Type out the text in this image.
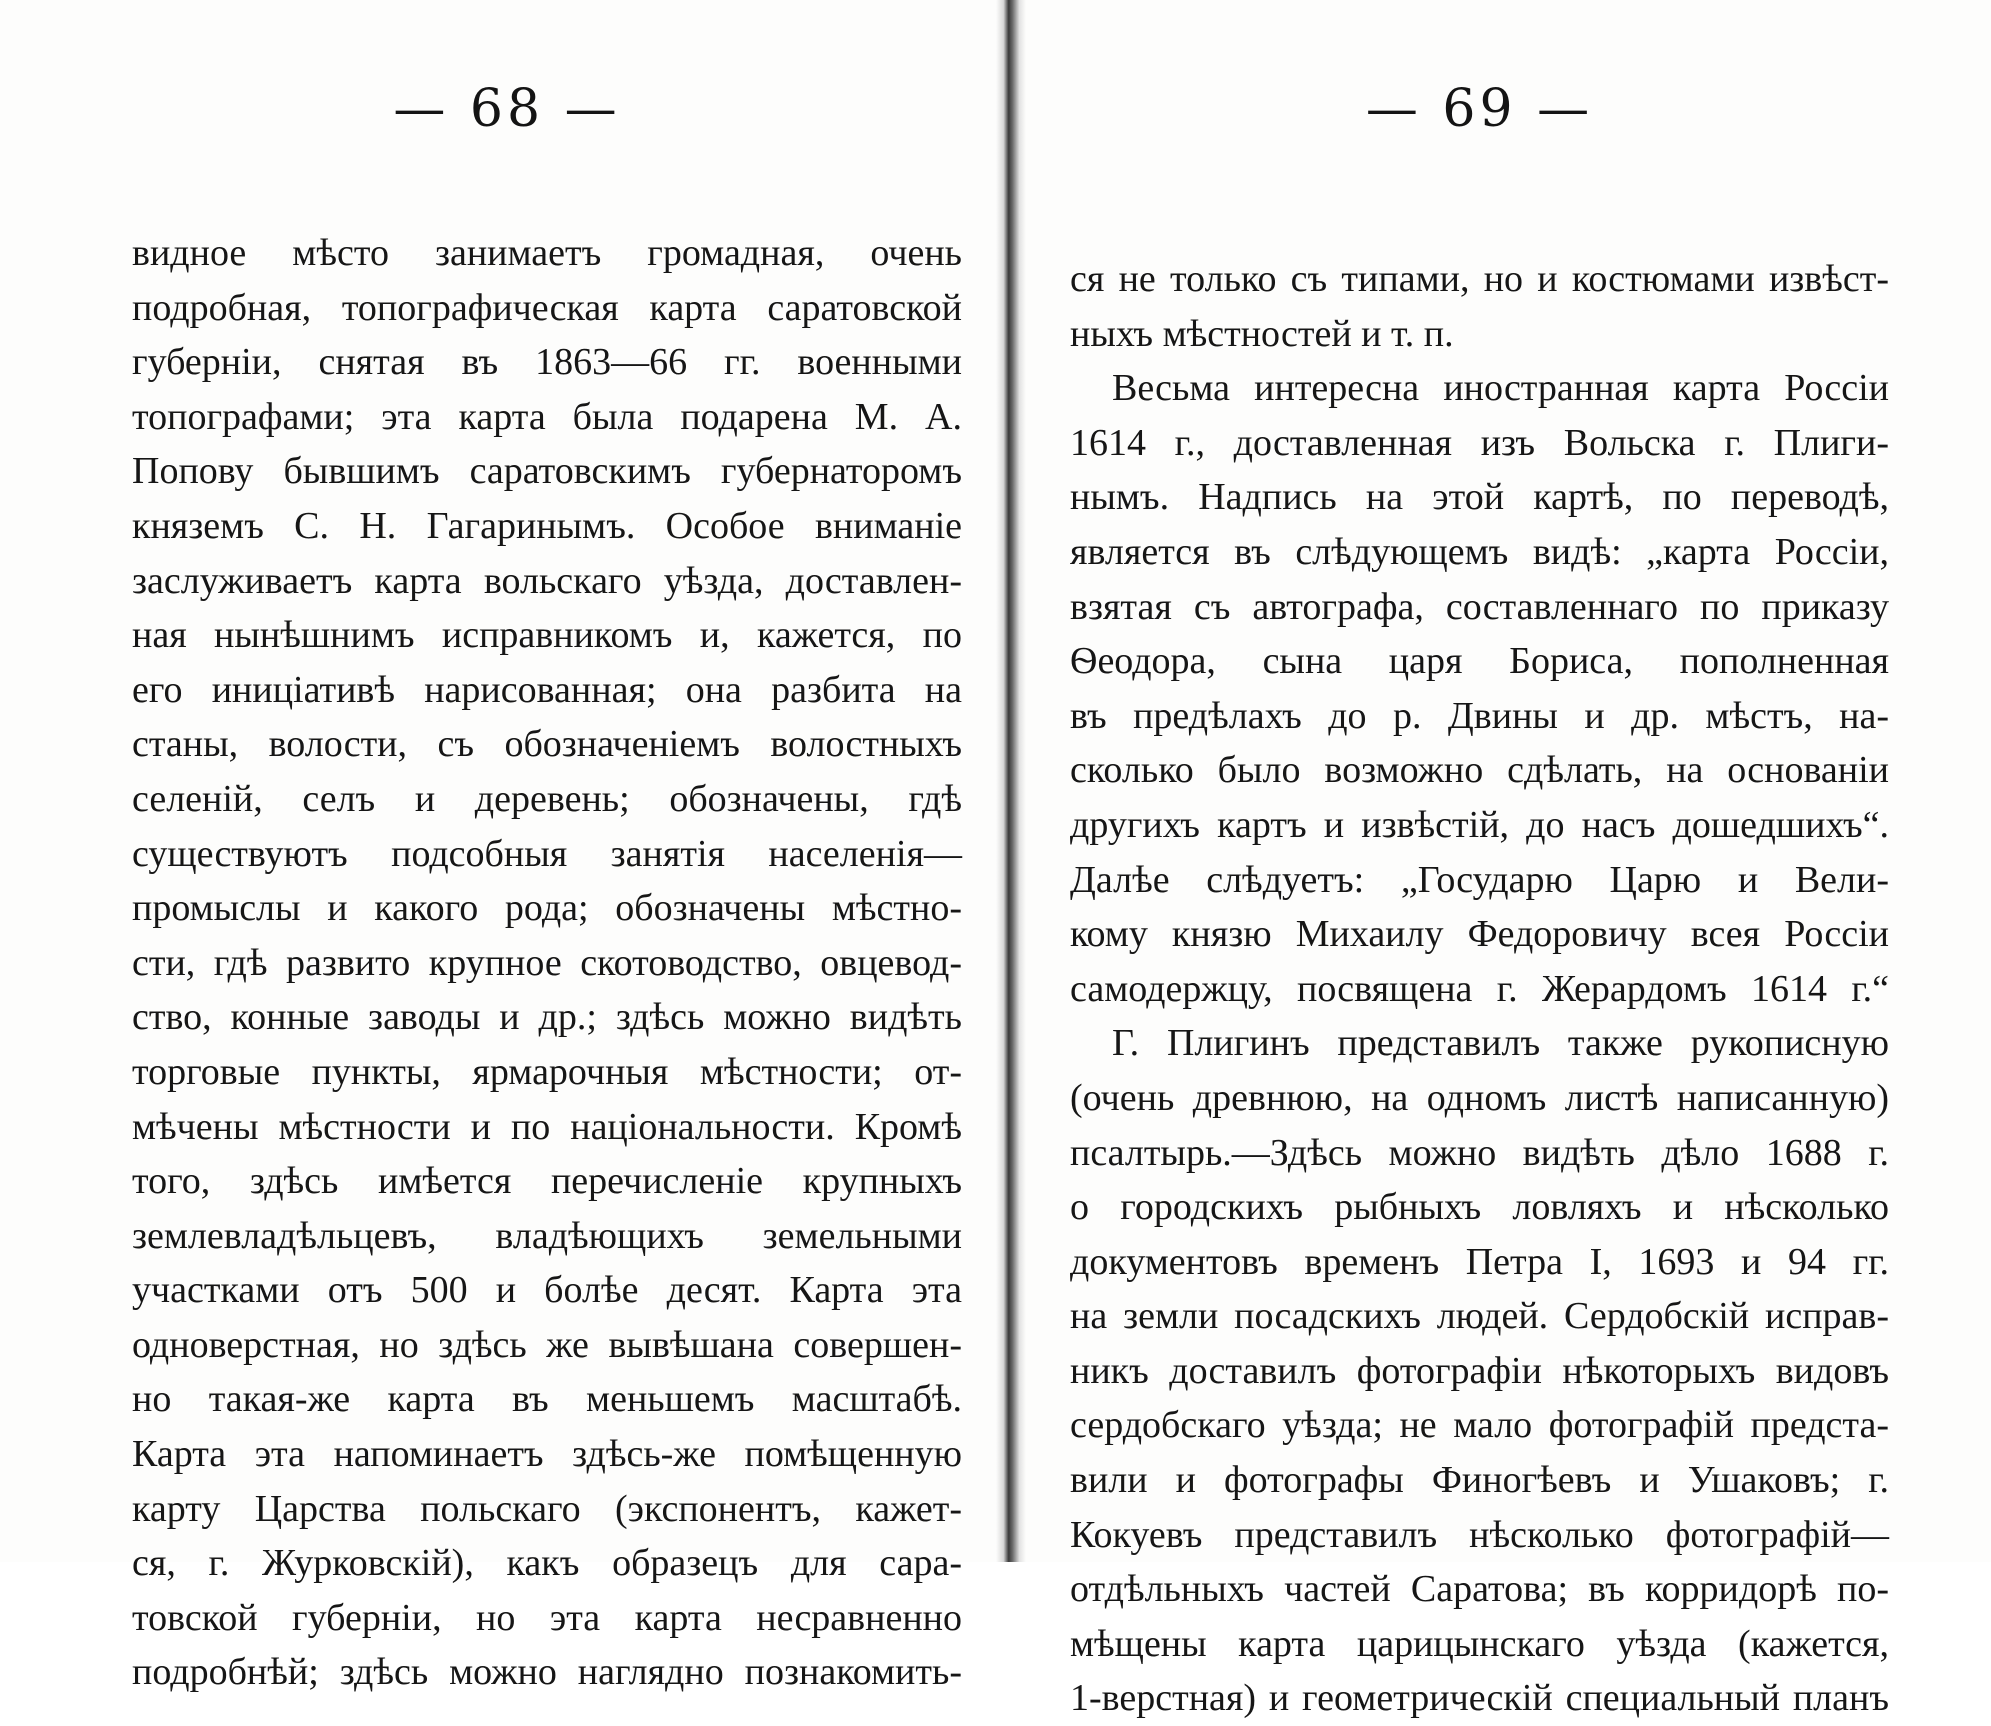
— 68 —
видное мѣсто занимаетъ громадная, очень
подробная, топографическая карта саратовской
губерніи, снятая въ 1863—66 гг. военными
топографами; эта карта была подарена М. А.
Попову бывшимъ саратовскимъ губернаторомъ
княземъ С. Н. Гагаринымъ. Особое вниманіе
заслуживаетъ карта вольскаго уѣзда, доставлен-
ная нынѣшнимъ исправникомъ и, кажется, по
его иниціативѣ нарисованная; она разбита на
станы, волости, съ обозначеніемъ волостныхъ
селеній, селъ и деревень; обозначены, гдѣ
существуютъ подсобныя занятія населенія—
промыслы и какого рода; обозначены мѣстно-
сти, гдѣ развито крупное скотоводство, овцевод-
ство, конные заводы и др.; здѣсь можно видѣть
торговые пункты, ярмарочныя мѣстности; от-
мѣчены мѣстности и по національности. Кромѣ
того, здѣсь имѣется перечисленіе крупныхъ
землевладѣльцевъ, владѣющихъ земельными
участками отъ 500 и болѣе десят. Карта эта
одноверстная, но здѣсь же вывѣшана совершен-
но такая-же карта въ меньшемъ масштабѣ.
Карта эта напоминаетъ здѣсь-же помѣщенную
карту Царства польскаго (экспонентъ, кажет-
ся, г. Журковскій), какъ образецъ для сара-
товской губерніи, но эта карта несравненно
подробнѣй; здѣсь можно наглядно познакомить-
— 69 —
ся не только съ типами, но и костюмами извѣст-
ныхъ мѣстностей и т. п.
Весьма интересна иностранная карта Россіи
1614 г., доставленная изъ Вольска г. Плиги-
нымъ. Надпись на этой картѣ, по переводѣ,
является въ слѣдующемъ видѣ: „карта Россіи,
взятая съ автографа, составленнаго по приказу
Ѳеодора, сына царя Бориса, пополненная
въ предѣлахъ до р. Двины и др. мѣстъ, на-
сколько было возможно сдѣлать, на основаніи
другихъ картъ и извѣстій, до насъ дошедшихъ“.
Далѣе слѣдуетъ: „Государю Царю и Вели-
кому князю Михаилу Федоровичу всея Россіи
самодержцу, посвящена г. Жерардомъ 1614 г.“
Г. Плигинъ представилъ также рукописную
(очень древнюю, на одномъ листѣ написанную)
псалтырь.—Здѣсь можно видѣть дѣло 1688 г.
о городскихъ рыбныхъ ловляхъ и нѣсколько
документовъ временъ Петра I, 1693 и 94 гг.
на земли посадскихъ людей. Сердобскій исправ-
никъ доставилъ фотографіи нѣкоторыхъ видовъ
сердобскаго уѣзда; не мало фотографій предста-
вили и фотографы Финогѣевъ и Ушаковъ; г.
Кокуевъ представилъ нѣсколько фотографій—
отдѣльныхъ частей Саратова; въ корридорѣ по-
мѣщены карта царицынскаго уѣзда (кажется,
1-верстная) и геометрическій специальный планъ
